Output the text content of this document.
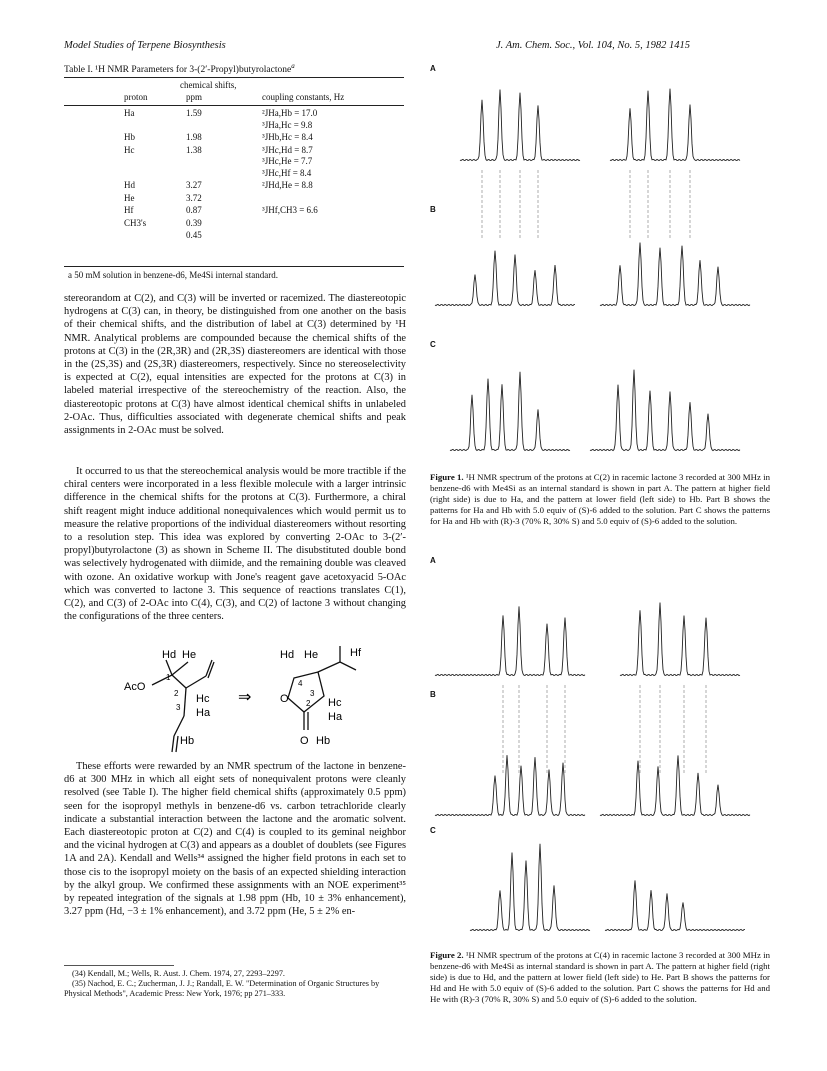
Model Studies of Terpene Biosynthesis	J. Am. Chem. Soc., Vol. 104, No. 5, 1982 1415
Table I. ¹H NMR Parameters for 3-(2′-Propyl)butyrolactone$^a$
chemical shifts,
proton	ppm	coupling constants, Hz
Ha	1.59	²JHa,Hb = 17.0
³JHa,Hc = 9.8
Hb	1.98	³JHb,Hc = 8.4
Hc	1.38	³JHc,Hd = 8.7
³JHc,He = 7.7
³JHc,Hf = 8.4
Hd	3.27	²JHd,He = 8.8
He	3.72
Hf	0.87	³JHf,CH3 = 6.6
CH3's	0.39
0.45
a 50 mM solution in benzene-d6, Me4Si internal standard.

stereorandom at C(2), and C(3) will be inverted or racemized. The diastereotopic hydrogens at C(3) can, in theory, be distinguished from one another on the basis of their chemical shifts, and the distribution of label at C(3) determined by ¹H NMR. Analytical problems are compounded because the chemical shifts of the protons at C(3) in the (2R,3R) and (2R,3S) diastereomers are identical with those in the (2S,3S) and (2S,3R) diastereomers, respectively. Since no stereoselectivity is expected at C(2), equal intensities are expected for the protons at C(3) in labeled material irrespective of the stereochemistry of the reaction. Also, the diastereotopic protons at C(3) have almost identical chemical shifts in unlabeled 2-OAc. Thus, difficulties associated with degenerate chemical shifts and peak assignments in 2-OAc must be solved.

It occurred to us that the stereochemical analysis would be more tractible if the chiral centers were incorporated in a less flexible molecule with a larger intrinsic difference in the chemical shifts for the protons at C(3). Furthermore, a chiral shift reagent might induce additional nonequivalences which would permit us to measure the relative proportions of the individual diastereomers without resorting to a resolution step. This idea was explored by converting 2-OAc to 3-(2′-propyl)butyrolactone (3) as shown in Scheme II. The disubstituted double bond was selectively hydrogenated with diimide, and the remaining double was cleaved with ozone. An oxidative workup with Jone's reagent gave acetoxyacid 5-OAc which was converted to lactone 3. This sequence of reactions translates C(1), C(2), and C(3) of 2-OAc into C(4), C(3), and C(2) of lactone 3 without changing the configurations of the three centers.

AcO
Hd He
Hc
Ha
Hb
2
3
1
⇒
Hd He	Hf
Hc
Ha
Hb
O
O
4
3
2

These efforts were rewarded by an NMR spectrum of the lactone in benzene-d6 at 300 MHz in which all eight sets of nonequivalent protons were cleanly resolved (see Table I). The higher field chemical shifts (approximately 0.5 ppm) seen for the isopropyl methyls in benzene-d6 vs. carbon tetrachloride clearly indicate a substantial interaction between the lactone and the aromatic solvent. Each diastereotopic proton at C(2) and C(4) is coupled to its geminal neighbor and the vicinal hydrogen at C(3) and appears as a doublet of doublets (see Figures 1A and 2A). Kendall and Wells³⁴ assigned the higher field protons in each set to those cis to the isopropyl moiety on the basis of an expected shielding interaction by the alkyl group. We confirmed these assignments with an NOE experiment³⁵ by repeated integration of the signals at 1.98 ppm (Hb, 10 ± 3% enhancement), 3.27 ppm (Hd, −3 ± 1% enhancement), and 3.72 ppm (He, 5 ± 2% en-

(34) Kendall, M.; Wells, R. Aust. J. Chem. 1974, 27, 2293–2297.
(35) Nachod, E. C.; Zucherman, J. J.; Randall, E. W. "Determination of Organic Structures by Physical Methods", Academic Press: New York, 1976; pp 271–333.
A
B
C
Figure 1. ¹H NMR spectrum of the protons at C(2) in racemic lactone 3 recorded at 300 MHz in benzene-d6 with Me4Si as an internal standard is shown in part A. The pattern at higher field (right side) is due to Ha, and the pattern at lower field (left side) to Hb. Part B shows the patterns for Ha and Hb with 5.0 equiv of (S)-6 added to the solution. Part C shows the patterns for Ha and Hb with (R)-3 (70% R, 30% S) and 5.0 equiv of (S)-6 added to the solution.
A
B
C
Figure 2. ¹H NMR spectrum of the protons at C(4) in racemic lactone 3 recorded at 300 MHz in benzene-d6 with Me4Si as internal standard is shown in part A. The pattern at higher field (right side) is due to Hd, and the pattern at lower field (left side) to He. Part B shows the patterns for Hd and He with 5.0 equiv of (S)-6 added to the solution. Part C shows the patterns for Hd and He with (R)-3 (70% R, 30% S) and 5.0 equiv of (S)-6 added to the solution.
